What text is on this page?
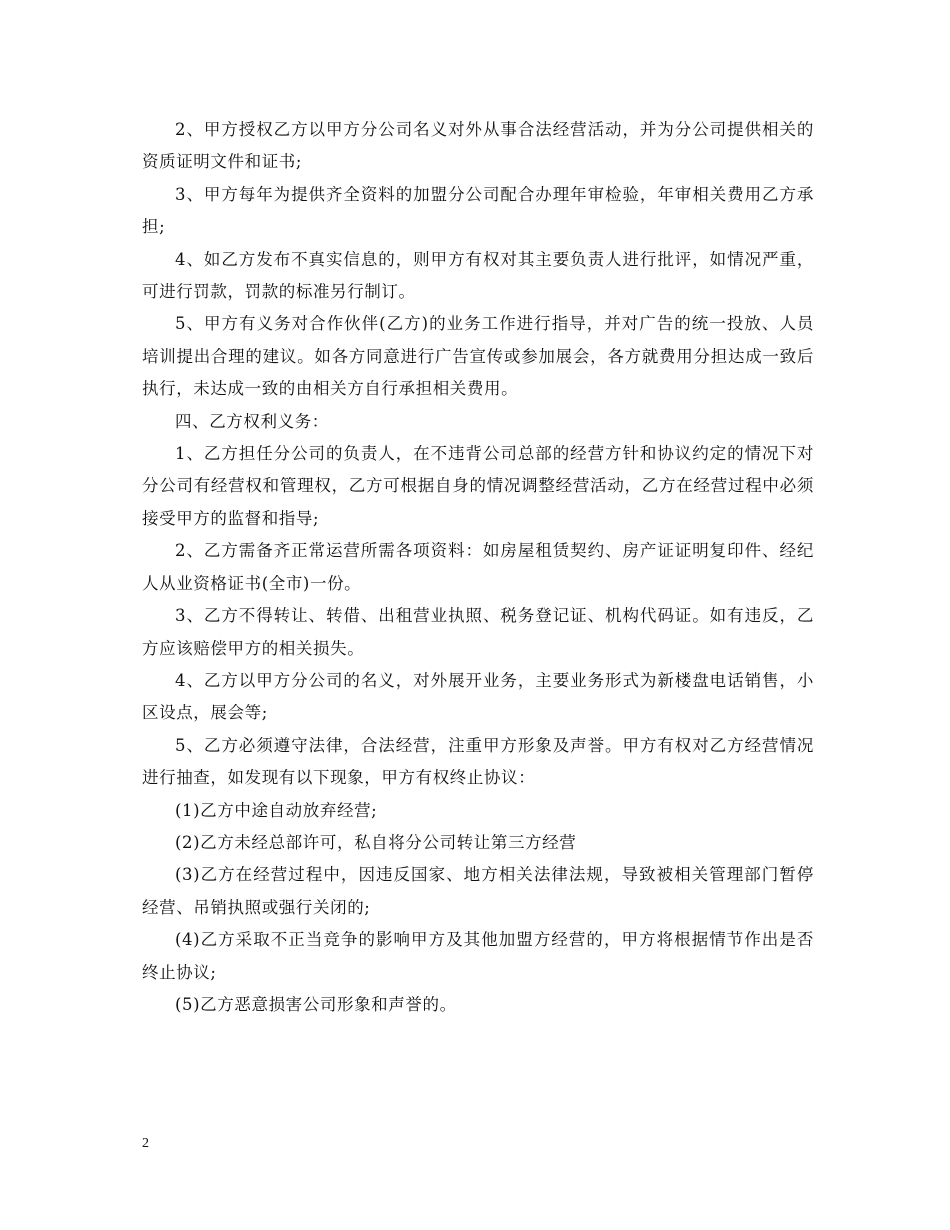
2、甲方授权乙方以甲方分公司名义对外从事合法经营活动，并为分公司提供相关的资质证明文件和证书;

3、甲方每年为提供齐全资料的加盟分公司配合办理年审检验，年审相关费用乙方承担;

4、如乙方发布不真实信息的，则甲方有权对其主要负责人进行批评，如情况严重，可进行罚款，罚款的标准另行制订。

5、甲方有义务对合作伙伴(乙方)的业务工作进行指导，并对广告的统一投放、人员培训提出合理的建议。如各方同意进行广告宣传或参加展会，各方就费用分担达成一致后执行，未达成一致的由相关方自行承担相关费用。

四、乙方权利义务：

1、乙方担任分公司的负责人，在不违背公司总部的经营方针和协议约定的情况下对分公司有经营权和管理权，乙方可根据自身的情况调整经营活动，乙方在经营过程中必须接受甲方的监督和指导;

2、乙方需备齐正常运营所需各项资料：如房屋租赁契约、房产证证明复印件、经纪人从业资格证书(全市)一份。

3、乙方不得转让、转借、出租营业执照、税务登记证、机构代码证。如有违反，乙方应该赔偿甲方的相关损失。

4、乙方以甲方分公司的名义，对外展开业务，主要业务形式为新楼盘电话销售，小区设点，展会等;

5、乙方必须遵守法律，合法经营，注重甲方形象及声誉。甲方有权对乙方经营情况进行抽查，如发现有以下现象，甲方有权终止协议：

(1)乙方中途自动放弃经营;

(2)乙方未经总部许可，私自将分公司转让第三方经营

(3)乙方在经营过程中，因违反国家、地方相关法律法规，导致被相关管理部门暂停经营、吊销执照或强行关闭的;

(4)乙方采取不正当竞争的影响甲方及其他加盟方经营的，甲方将根据情节作出是否终止协议;

(5)乙方恶意损害公司形象和声誉的。

2
